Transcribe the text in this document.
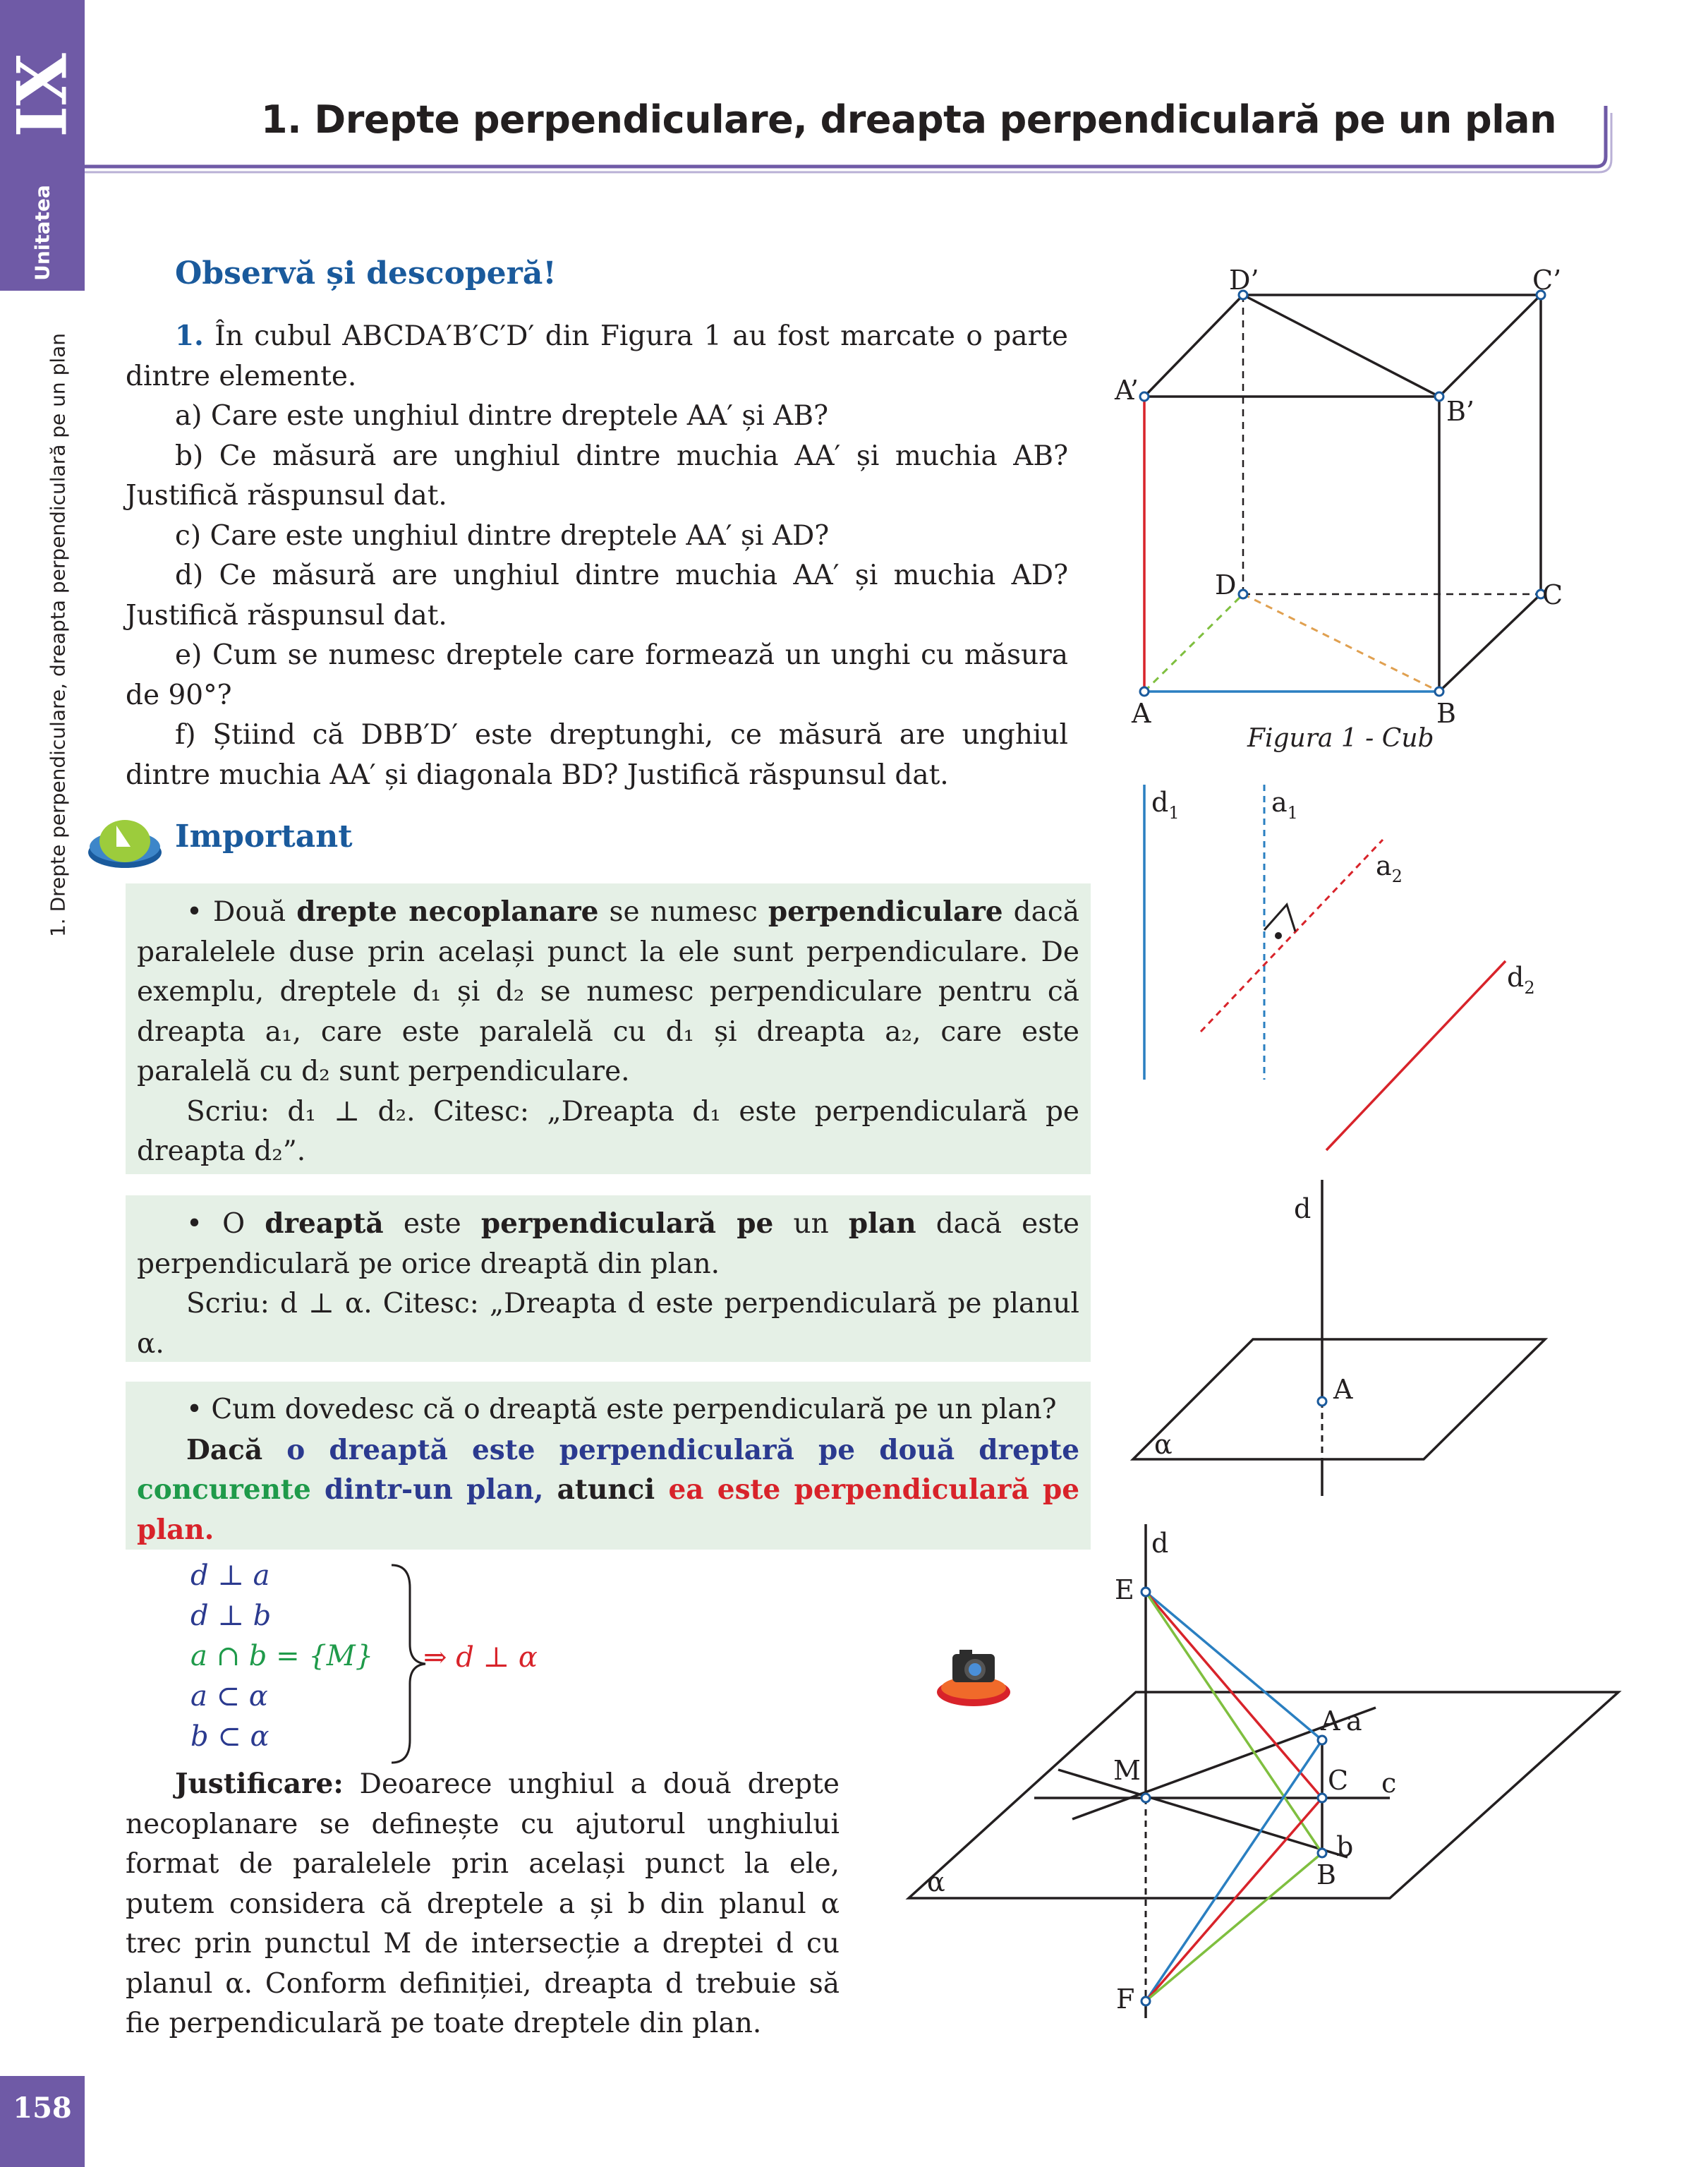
IX
Unitatea
1. Drepte perpendiculare, dreapta perpendiculară pe un plan
158
1. Drepte perpendiculare, dreapta perpendiculară pe un plan
Observă și descoperă!

1. În cubul ABCDA′B′C′D′ din Figura 1 au fost marcate o parte dintre elemente.

a) Care este unghiul dintre dreptele AA′ și AB?

b) Ce măsură are unghiul dintre muchia AA′ și muchia AB? Justifică răspunsul dat.

c) Care este unghiul dintre dreptele AA′ și AD?

d) Ce măsură are unghiul dintre muchia AA′ și muchia AD? Justifică răspunsul dat.

e) Cum se numesc dreptele care formează un unghi cu măsura de 90°?

f) Știind că DBB′D′ este dreptunghi, ce măsură are unghiul dintre muchia AA′ și diagonala BD? Justifică răspunsul dat.

Important

• Două drepte necoplanare se numesc perpendiculare dacă paralelele duse prin același punct la ele sunt perpendiculare. De exemplu, dreptele d₁ și d₂ se numesc perpendiculare pentru că dreapta a₁, care este paralelă cu d₁ și dreapta a₂, care este paralelă cu d₂ sunt perpendiculare.

Scriu: d₁ ⊥ d₂. Citesc: „Dreapta d₁ este perpendiculară pe dreapta d₂”.

• O dreaptă este perpendiculară pe un plan dacă este perpendiculară pe orice dreaptă din plan.

Scriu: d ⊥ α. Citesc: „Dreapta d este perpendiculară pe planul α.

• Cum dovedesc că o dreaptă este perpendiculară pe un plan?

Dacă o dreaptă este perpendiculară pe două drepte concurente dintr-un plan, atunci ea este perpendiculară pe plan.

d ⊥ a
d ⊥ b
a ∩ b = {M}
a ⊂ α
b ⊂ α
⇒ d ⊥ α

Justificare: Deoarece unghiul a două drepte necoplanare se definește cu ajutorul unghiului format de paralelele prin același punct la ele, putem considera că dreptele a și b din planul α trec prin punctul M de intersecție a dreptei d cu planul α. Conform definiției, dreapta d trebuie să fie perpendiculară pe toate dreptele din plan.

D’	C’
A’
B’
D	C
A	B
Figura 1 - Cub
$d_1$	$a_1$
$a_2$
$d_2$
d
A
α
d
E
A a
M	C c
b
B
F
α
